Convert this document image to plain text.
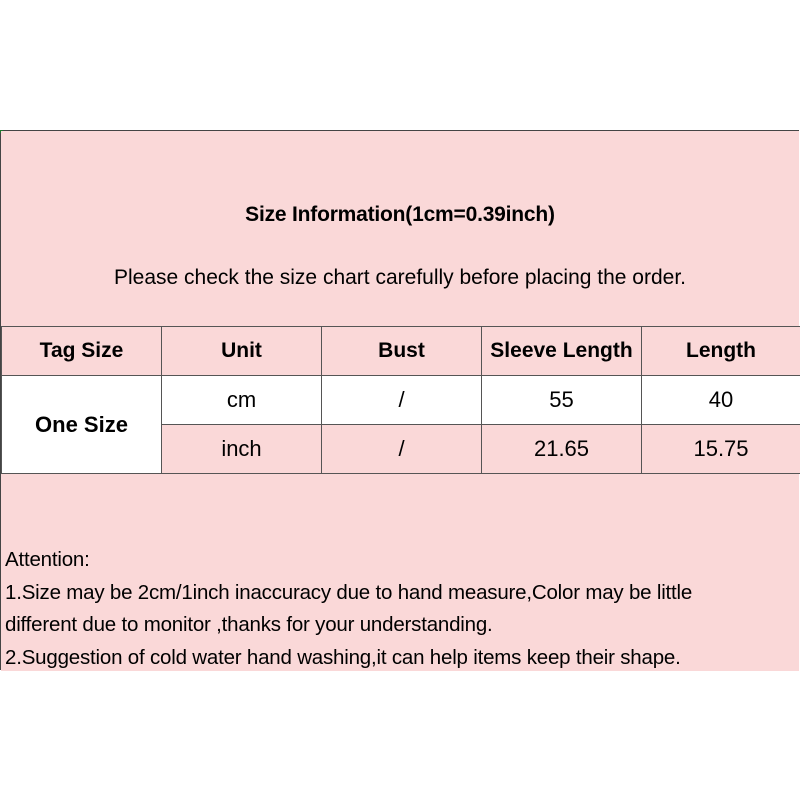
Size Information(1cm=0.39inch)
Please check the size chart carefully before placing the order.
Tag Size	Unit	Bust	Sleeve Length	Length
One Size	cm	/	55	40
	inch	/	21.65	15.75

Attention:

1.Size may be 2cm/1inch inaccuracy due to hand measure,Color may be little

different due to monitor ,thanks for your understanding.

2.Suggestion of cold water hand washing,it can help items keep their shape.
